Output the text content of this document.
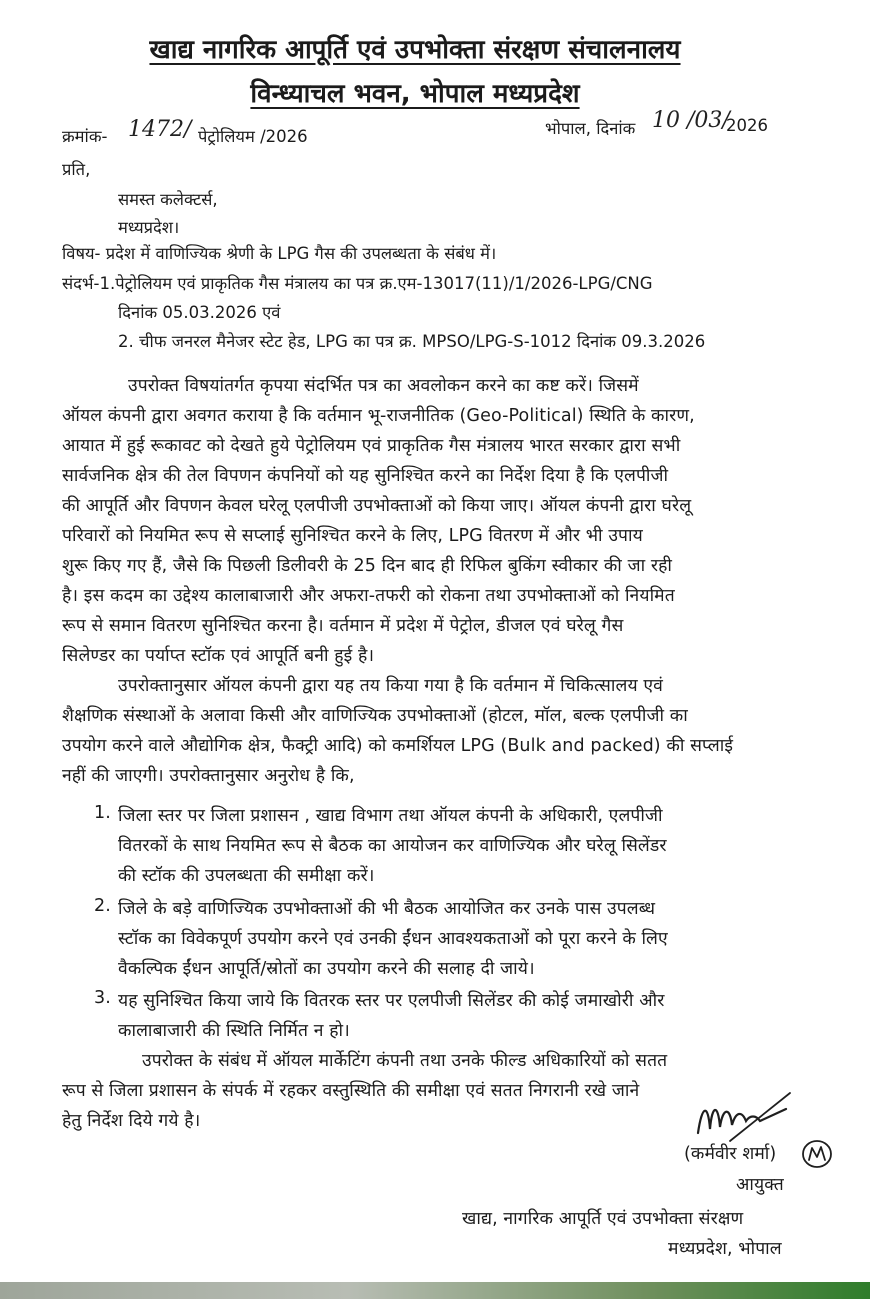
खाद्य नागरिक आपूर्ति एवं उपभोक्ता संरक्षण संचालनालय
विन्ध्याचल भवन, भोपाल मध्यप्रदेश
क्रमांक- 1472/ पेट्रोलियम /2026	भोपाल, दिनांक 10 /03/
2026
प्रति,
समस्त कलेक्टर्स,
मध्यप्रदेश।
विषय- प्रदेश में वाणिज्यिक श्रेणी के LPG गैस की उपलब्धता के संबंध में।
संदर्भ-1.पेट्रोलियम एवं प्राकृतिक गैस मंत्रालय का पत्र क्र.एम-13017(11)/1/2026-LPG/CNG
दिनांक 05.03.2026 एवं
2. चीफ जनरल मैनेजर स्टेट हेड, LPG का पत्र क्र. MPSO/LPG-S-1012 दिनांक 09.3.2026
उपरोक्त विषयांतर्गत कृपया संदर्भित पत्र का अवलोकन करने का कष्ट करें। जिसमें
ऑयल कंपनी द्वारा अवगत कराया है कि वर्तमान भू-राजनीतिक (Geo-Political) स्थिति के कारण,
आयात में हुई रूकावट को देखते हुये पेट्रोलियम एवं प्राकृतिक गैस मंत्रालय भारत सरकार द्वारा सभी
सार्वजनिक क्षेत्र की तेल विपणन कंपनियों को यह सुनिश्चित करने का निर्देश दिया है कि एलपीजी
की आपूर्ति और विपणन केवल घरेलू एलपीजी उपभोक्ताओं को किया जाए। ऑयल कंपनी द्वारा घरेलू
परिवारों को नियमित रूप से सप्लाई सुनिश्चित करने के लिए, LPG वितरण में और भी उपाय
शुरू किए गए हैं, जैसे कि पिछली डिलीवरी के 25 दिन बाद ही रिफिल बुकिंग स्वीकार की जा रही
है। इस कदम का उद्देश्य कालाबाजारी और अफरा-तफरी को रोकना तथा उपभोक्ताओं को नियमित
रूप से समान वितरण सुनिश्चित करना है। वर्तमान में प्रदेश में पेट्रोल, डीजल एवं घरेलू गैस
सिलेण्डर का पर्याप्त स्टॉक एवं आपूर्ति बनी हुई है।
उपरोक्तानुसार ऑयल कंपनी द्वारा यह तय किया गया है कि वर्तमान में चिकित्सालय एवं
शैक्षणिक संस्थाओं के अलावा किसी और वाणिज्यिक उपभोक्ताओं (होटल, मॉल, बल्क एलपीजी का
उपयोग करने वाले औद्योगिक क्षेत्र, फैक्ट्री आदि) को कमर्शियल LPG (Bulk and packed) की सप्लाई
नहीं की जाएगी। उपरोक्तानुसार अनुरोध है कि,
1. जिला स्तर पर जिला प्रशासन , खाद्य विभाग तथा ऑयल कंपनी के अधिकारी, एलपीजी
वितरकों के साथ नियमित रूप से बैठक का आयोजन कर वाणिज्यिक और घरेलू सिलेंडर
की स्टॉक की उपलब्धता की समीक्षा करें।
2. जिले के बड़े वाणिज्यिक उपभोक्ताओं की भी बैठक आयोजित कर उनके पास उपलब्ध
स्टॉक का विवेकपूर्ण उपयोग करने एवं उनकी ईंधन आवश्यकताओं को पूरा करने के लिए
वैकल्पिक ईंधन आपूर्ति/स्रोतों का उपयोग करने की सलाह दी जाये।
3. यह सुनिश्चित किया जाये कि वितरक स्तर पर एलपीजी सिलेंडर की कोई जमाखोरी और
कालाबाजारी की स्थिति निर्मित न हो।
उपरोक्त के संबंध में ऑयल मार्केटिंग कंपनी तथा उनके फील्ड अधिकारियों को सतत
रूप से जिला प्रशासन के संपर्क में रहकर वस्तुस्थिति की समीक्षा एवं सतत निगरानी रखे जाने
हेतु निर्देश दिये गये है।
(कर्मवीर शर्मा)
आयुक्त
खाद्य, नागरिक आपूर्ति एवं उपभोक्ता संरक्षण
मध्यप्रदेश, भोपाल
